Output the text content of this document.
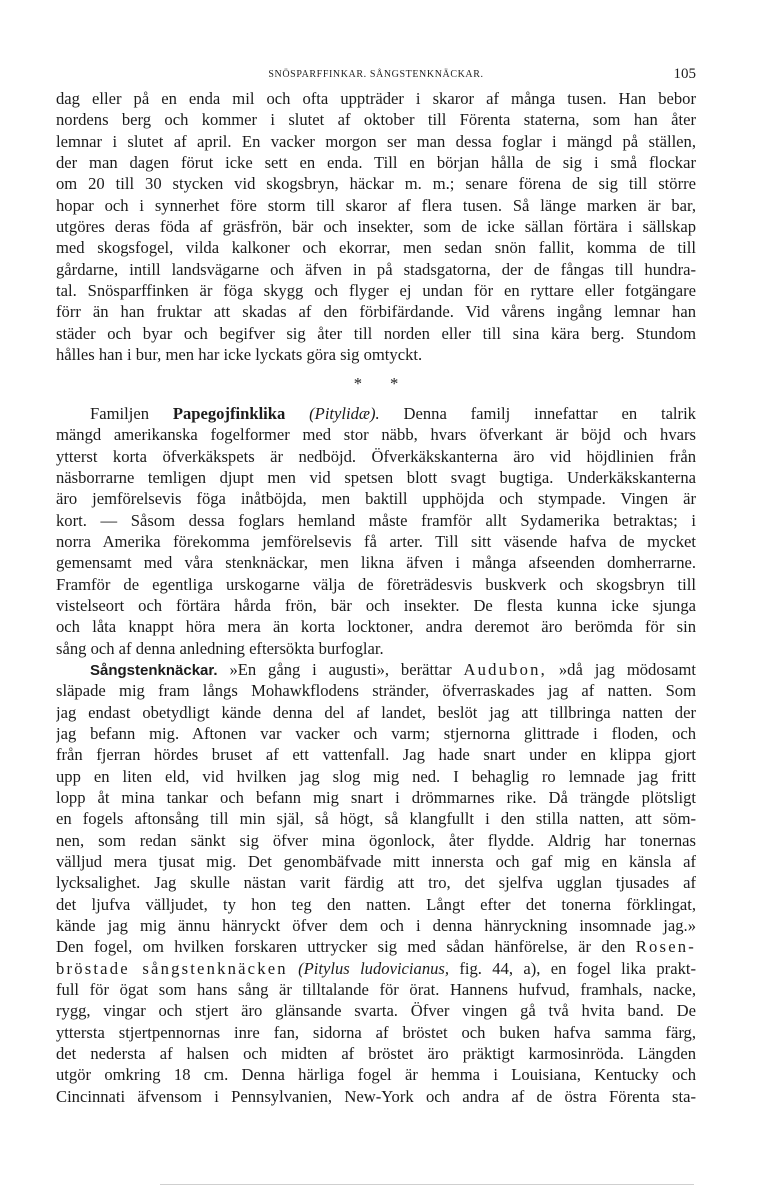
SNÖSPARFFINKAR. SÅNGSTENKNÄCKAR.	105
dag eller på en enda mil och ofta uppträder i skaror af många tusen. Han bebor
nordens berg och kommer i slutet af oktober till Förenta staterna, som han åter
lemnar i slutet af april. En vacker morgon ser man dessa foglar i mängd på ställen,
der man dagen förut icke sett en enda. Till en början hålla de sig i små flockar
om 20 till 30 stycken vid skogsbryn, häckar m. m.; senare förena de sig till större
hopar och i synnerhet före storm till skaror af flera tusen. Så länge marken är bar,
utgöres deras föda af gräsfrön, bär och insekter, som de icke sällan förtära i sällskap
med skogsfogel, vilda kalkoner och ekorrar, men sedan snön fallit, komma de till
gårdarne, intill landsvägarne och äfven in på stadsgatorna, der de fångas till hundra-
tal. Snösparffinken är föga skygg och flyger ej undan för en ryttare eller fotgängare
förr än han fruktar att skadas af den förbifärdande. Vid vårens ingång lemnar han
städer och byar och begifver sig åter till norden eller till sina kära berg. Stundom
hålles han i bur, men har icke lyckats göra sig omtyckt.
* *
Familjen Papegojfinklika (Pitylidæ). Denna familj innefattar en talrik
mängd amerikanska fogelformer med stor näbb, hvars öfverkant är böjd och hvars
ytterst korta öfverkäkspets är nedböjd. Öfverkäkskanterna äro vid höjdlinien från
näsborrarne temligen djupt men vid spetsen blott svagt bugtiga. Underkäkskanterna
äro jemförelsevis föga inåtböjda, men baktill upphöjda och stympade. Vingen är
kort. — Såsom dessa foglars hemland måste framför allt Sydamerika betraktas; i
norra Amerika förekomma jemförelsevis få arter. Till sitt väsende hafva de mycket
gemensamt med våra stenknäckar, men likna äfven i många afseenden domherrarne.
Framför de egentliga urskogarne välja de företrädesvis buskverk och skogsbryn till
vistelseort och förtära hårda frön, bär och insekter. De flesta kunna icke sjunga
och låta knappt höra mera än korta locktoner, andra deremot äro berömda för sin
sång och af denna anledning eftersökta burfoglar.
Sångstenknäckar. »En gång i augusti», berättar Audubon, »då jag mödosamt
släpade mig fram långs Mohawkflodens stränder, öfverraskades jag af natten. Som
jag endast obetydligt kände denna del af landet, beslöt jag att tillbringa natten der
jag befann mig. Aftonen var vacker och varm; stjernorna glittrade i floden, och
från fjerran hördes bruset af ett vattenfall. Jag hade snart under en klippa gjort
upp en liten eld, vid hvilken jag slog mig ned. I behaglig ro lemnade jag fritt
lopp åt mina tankar och befann mig snart i drömmarnes rike. Då trängde plötsligt
en fogels aftonsång till min själ, så högt, så klangfullt i den stilla natten, att söm-
nen, som redan sänkt sig öfver mina ögonlock, åter flydde. Aldrig har tonernas
välljud mera tjusat mig. Det genombäfvade mitt innersta och gaf mig en känsla af
lycksalighet. Jag skulle nästan varit färdig att tro, det sjelfva ugglan tjusades af
det ljufva välljudet, ty hon teg den natten. Långt efter det tonerna förklingat,
kände jag mig ännu hänryckt öfver dem och i denna hänryckning insomnade jag.»
Den fogel, om hvilken forskaren uttrycker sig med sådan hänförelse, är den Rosen-
bröstade sångstenknäcken (Pitylus ludovicianus, fig. 44, a), en fogel lika prakt-
full för ögat som hans sång är tilltalande för örat. Hannens hufvud, framhals, nacke,
rygg, vingar och stjert äro glänsande svarta. Öfver vingen gå två hvita band. De
yttersta stjertpennornas inre fan, sidorna af bröstet och buken hafva samma färg,
det nedersta af halsen och midten af bröstet äro präktigt karmosinröda. Längden
utgör omkring 18 cm. Denna härliga fogel är hemma i Louisiana, Kentucky och
Cincinnati äfvensom i Pennsylvanien, New-York och andra af de östra Förenta sta-
